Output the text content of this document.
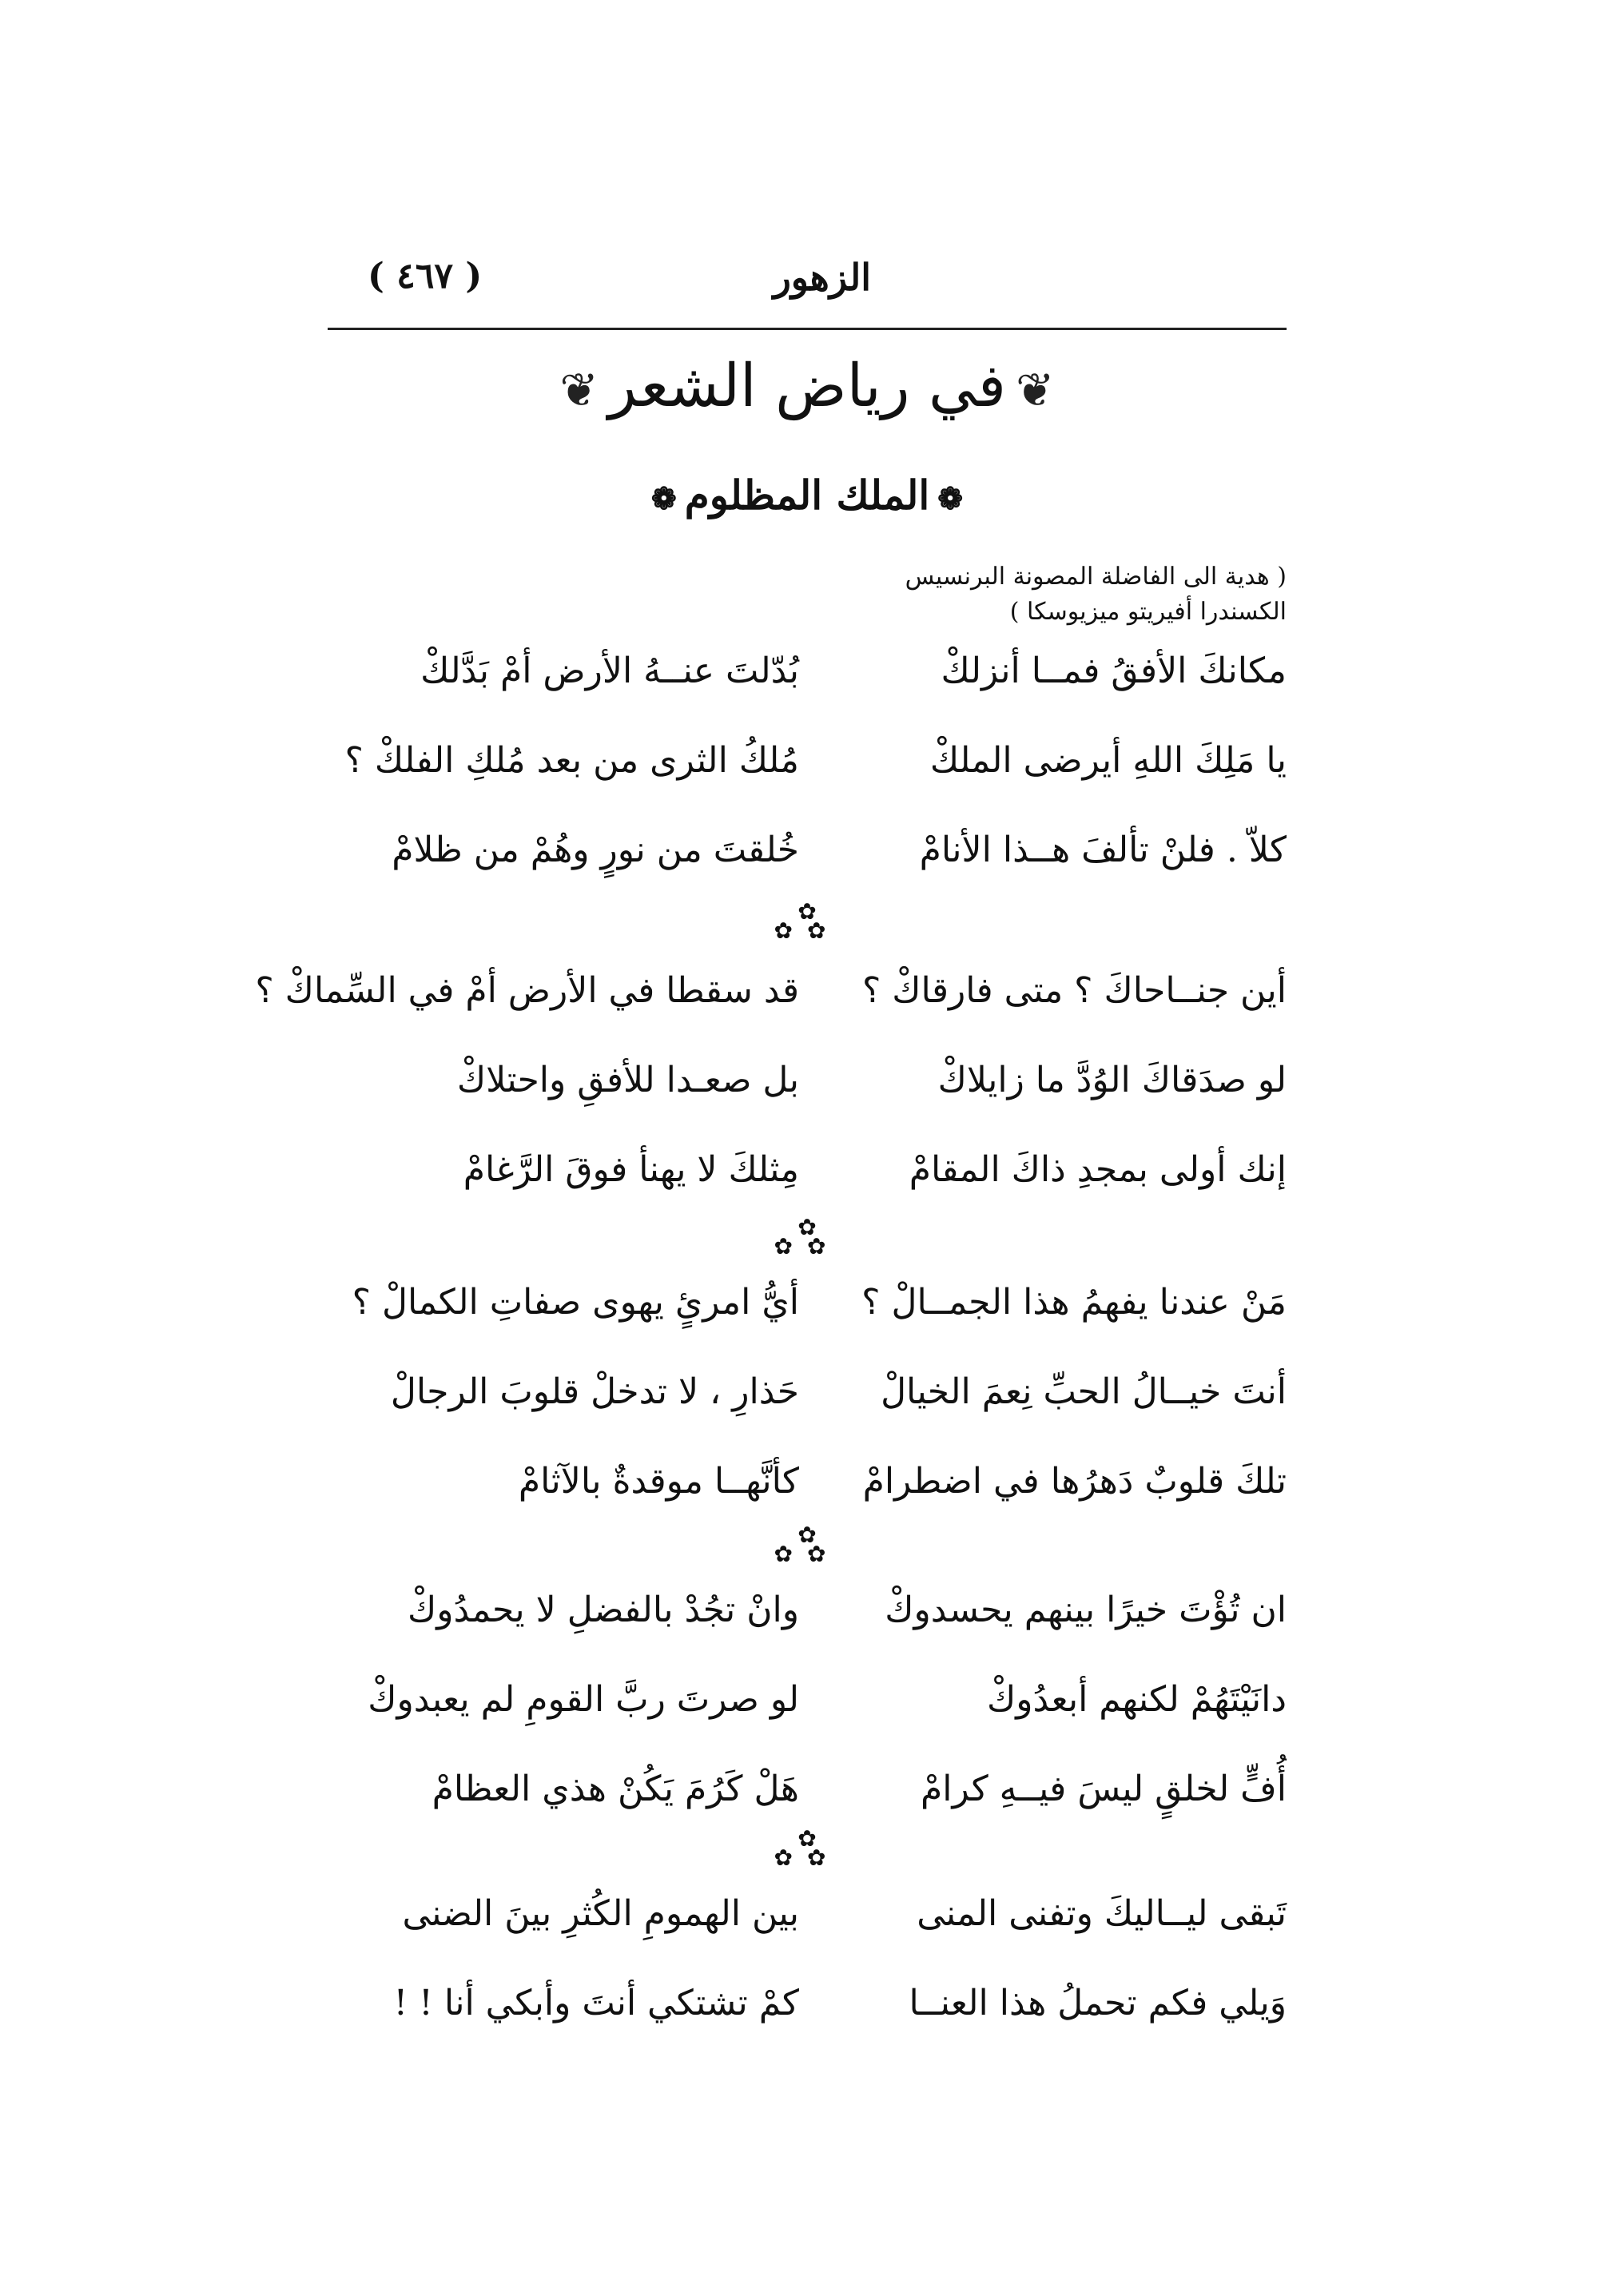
الزهور
( ٤٦٧ )
❦في رياض الشعر❦
❁الملك المظلوم❁
( هدية الى الفاضلة المصونة البرنسيس
الكسندرا أفيريتو ميزيوسكا )
مكانكَ الأفقُ فمــا أنزلكْ
بُدّلتَ عنــهُ الأرض أمْ بَدَّلكْ
يا مَلِكَ اللهِ أيرضى الملكْ
مُلكُ الثرى من بعد مُلكِ الفلكْ ؟
كلاّ . فلنْ تألفَ هــذا الأنامْ
خُلقتَ من نورٍ وهُمْ من ظلامْ
✿
✿✿
أين جنــاحاكَ ؟ متى فارقاكْ ؟
قد سقطا في الأرض أمْ في السِّماكْ ؟
لو صدَقاكَ الوُدَّ ما زايلاكْ
بل صعـدا للأفقِ واحتلاكْ
إنك أولى بمجدِ ذاكَ المقامْ
مِثلكَ لا يهنأ فوقَ الرَّغامْ
✿
✿✿
مَنْ عندنا يفهمُ هذا الجمــالْ ؟
أيُّ امرئٍ يهوى صفاتِ الكمالْ ؟
أنتَ خيــالُ الحبِّ نِعمَ الخيالْ
حَذارِ ، لا تدخلْ قلوبَ الرجالْ
تلكَ قلوبٌ دَهرُها في اضطرامْ
كأنَّهــا موقدةٌ بالآثامْ
✿
✿✿
ان تُؤْتَ خيرًا بينهم يحسدوكْ
وانْ تجُدْ بالفضلِ لا يحمدُوكْ
دانَيْتَهُمْ لكنهم أبعدُوكْ
لو صرتَ ربَّ القومِ لم يعبدوكْ
أُفٍّ لخلقٍ ليسَ فيــهِ كرامْ
هَلْ كَرُمَ يَكُنْ هذي العظامْ
✿
✿✿
تَبقى ليــاليكَ وتفنى المنى
بين الهمومِ الكُثرِ بينَ الضنى
وَيلي فكم تحملُ هذا العنــا
كمْ تشتكي أنتَ وأبكي أنا ! !
